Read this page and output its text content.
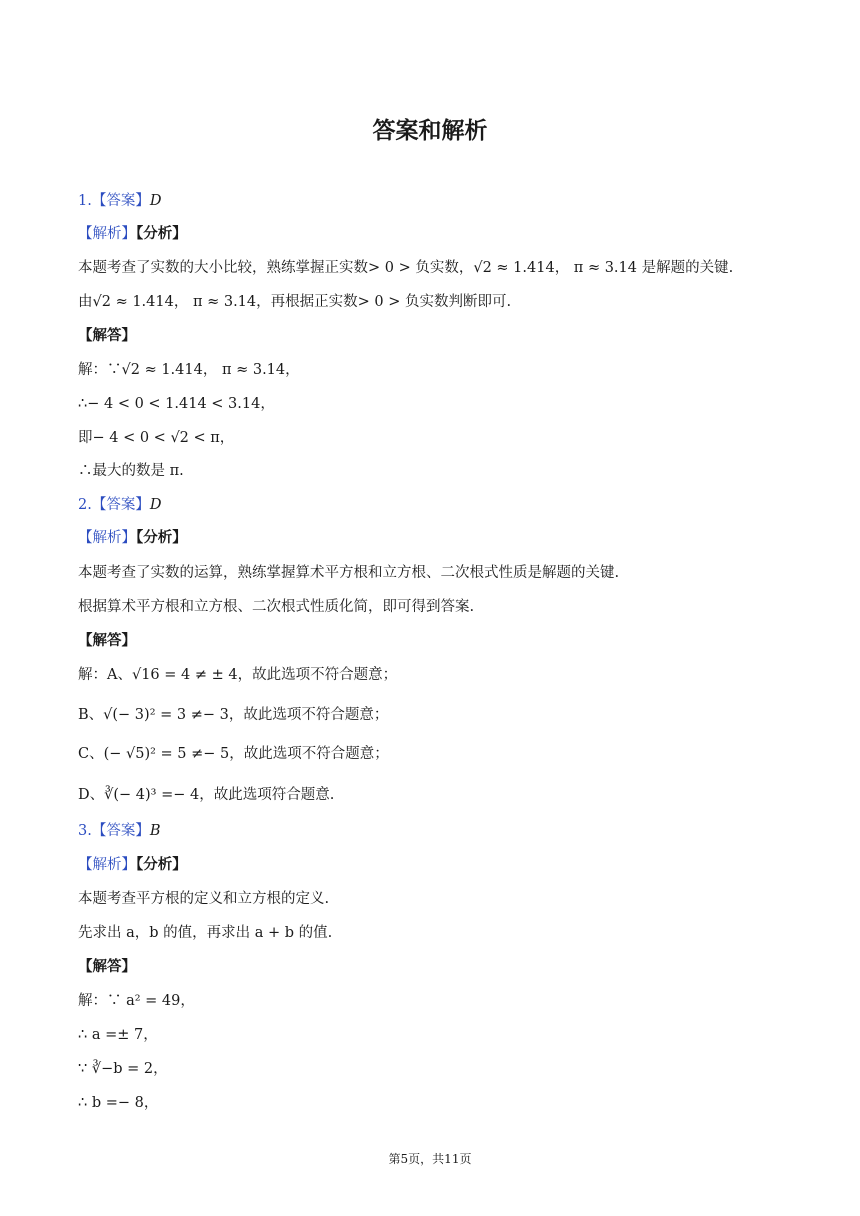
答案和解析
1.【答案】D
【解析】【分析】
本题考查了实数的大小比较，熟练掌握正实数> 0 > 负实数，√2 ≈ 1.414， π ≈ 3.14 是解题的关键.
由√2 ≈ 1.414， π ≈ 3.14，再根据正实数> 0 > 负实数判断即可.
【解答】
解：∵√2 ≈ 1.414， π ≈ 3.14，
∴− 4 < 0 < 1.414 < 3.14，
即− 4 < 0 < √2 < π，
∴最大的数是 π.
2.【答案】D
【解析】【分析】
本题考查了实数的运算，熟练掌握算术平方根和立方根、二次根式性质是解题的关键.
根据算术平方根和立方根、二次根式性质化简，即可得到答案.
【解答】
解：A、√16 = 4 ≠ ± 4，故此选项不符合题意；
B、√(− 3)² = 3 ≠− 3，故此选项不符合题意；
C、(− √5)² = 5 ≠− 5，故此选项不符合题意；
D、∛(− 4)³ =− 4，故此选项符合题意.
3.【答案】B
【解析】【分析】
本题考查平方根的定义和立方根的定义.
先求出 a，b 的值，再求出 a + b 的值.
【解答】
解：∵ a² = 49，
∴ a =± 7，
∵ ∛−b = 2，
∴ b =− 8，
第5页，共11页
